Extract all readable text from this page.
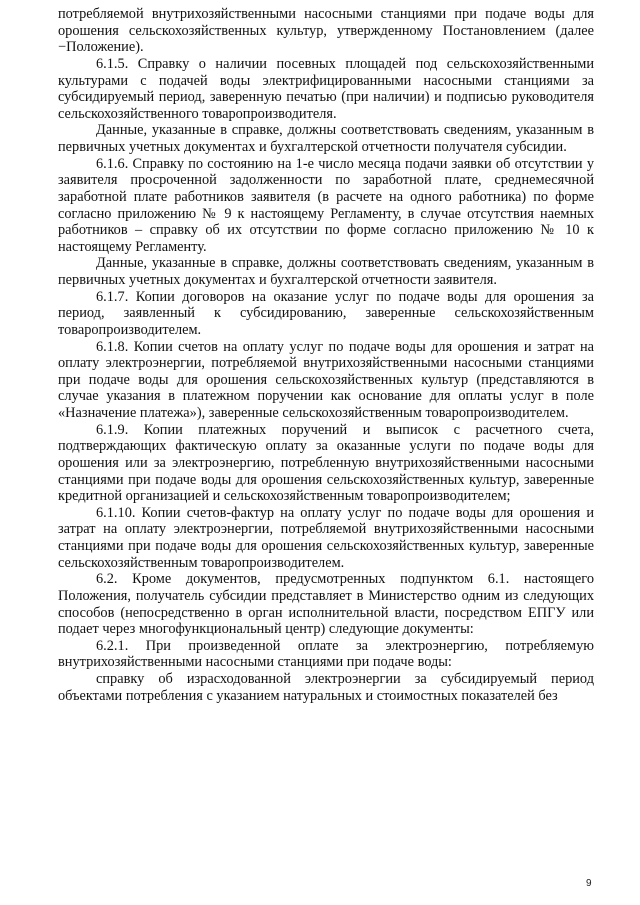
потребляемой внутрихозяйственными насосными станциями при подаче воды для орошения сельскохозяйственных культур, утвержденному Постановлением (далее −Положение).

6.1.5. Справку о наличии посевных площадей под сельскохозяйственными культурами с подачей воды электрифицированными насосными станциями за субсидируемый период, заверенную печатью (при наличии) и подписью руководителя сельскохозяйственного товаропроизводителя.

Данные, указанные в справке, должны соответствовать сведениям, указанным в первичных учетных документах и бухгалтерской отчетности получателя субсидии.

6.1.6. Справку по состоянию на 1-е число месяца подачи заявки об отсутствии у заявителя просроченной задолженности по заработной плате, среднемесячной заработной плате работников заявителя (в расчете на одного работника) по форме согласно приложению № 9 к настоящему Регламенту, в случае отсутствия наемных работников – справку об их отсутствии по форме согласно приложению № 10 к настоящему Регламенту.

Данные, указанные в справке, должны соответствовать сведениям, указанным в первичных учетных документах и бухгалтерской отчетности заявителя.

6.1.7. Копии договоров на оказание услуг по подаче воды для орошения за период, заявленный к субсидированию, заверенные сельскохозяйственным товаропроизводителем.

6.1.8. Копии счетов на оплату услуг по подаче воды для орошения и затрат на оплату электроэнергии, потребляемой внутрихозяйственными насосными станциями при подаче воды для орошения сельскохозяйственных культур (представляются в случае указания в платежном поручении как основание для оплаты услуг в поле «Назначение платежа»), заверенные сельскохозяйственным товаропроизводителем.

6.1.9. Копии платежных поручений и выписок с расчетного счета, подтверждающих фактическую оплату за оказанные услуги по подаче воды для орошения или за электроэнергию, потребленную внутрихозяйственными насосными станциями при подаче воды для орошения сельскохозяйственных культур, заверенные кредитной организацией и сельскохозяйственным товаропроизводителем;

6.1.10. Копии счетов-фактур на оплату услуг по подаче воды для орошения и затрат на оплату электроэнергии, потребляемой внутрихозяйственными насосными станциями при подаче воды для орошения сельскохозяйственных культур, заверенные сельскохозяйственным товаропроизводителем.

6.2. Кроме документов, предусмотренных подпунктом 6.1. настоящего Положения, получатель субсидии представляет в Министерство одним из следующих способов (непосредственно в орган исполнительной власти, посредством ЕПГУ или подает через многофункциональный центр) следующие документы:

6.2.1. При произведенной оплате за электроэнергию, потребляемую внутрихозяйственными насосными станциями при подаче воды:

справку об израсходованной электроэнергии за субсидируемый период объектами потребления с указанием натуральных и стоимостных показателей без

9
